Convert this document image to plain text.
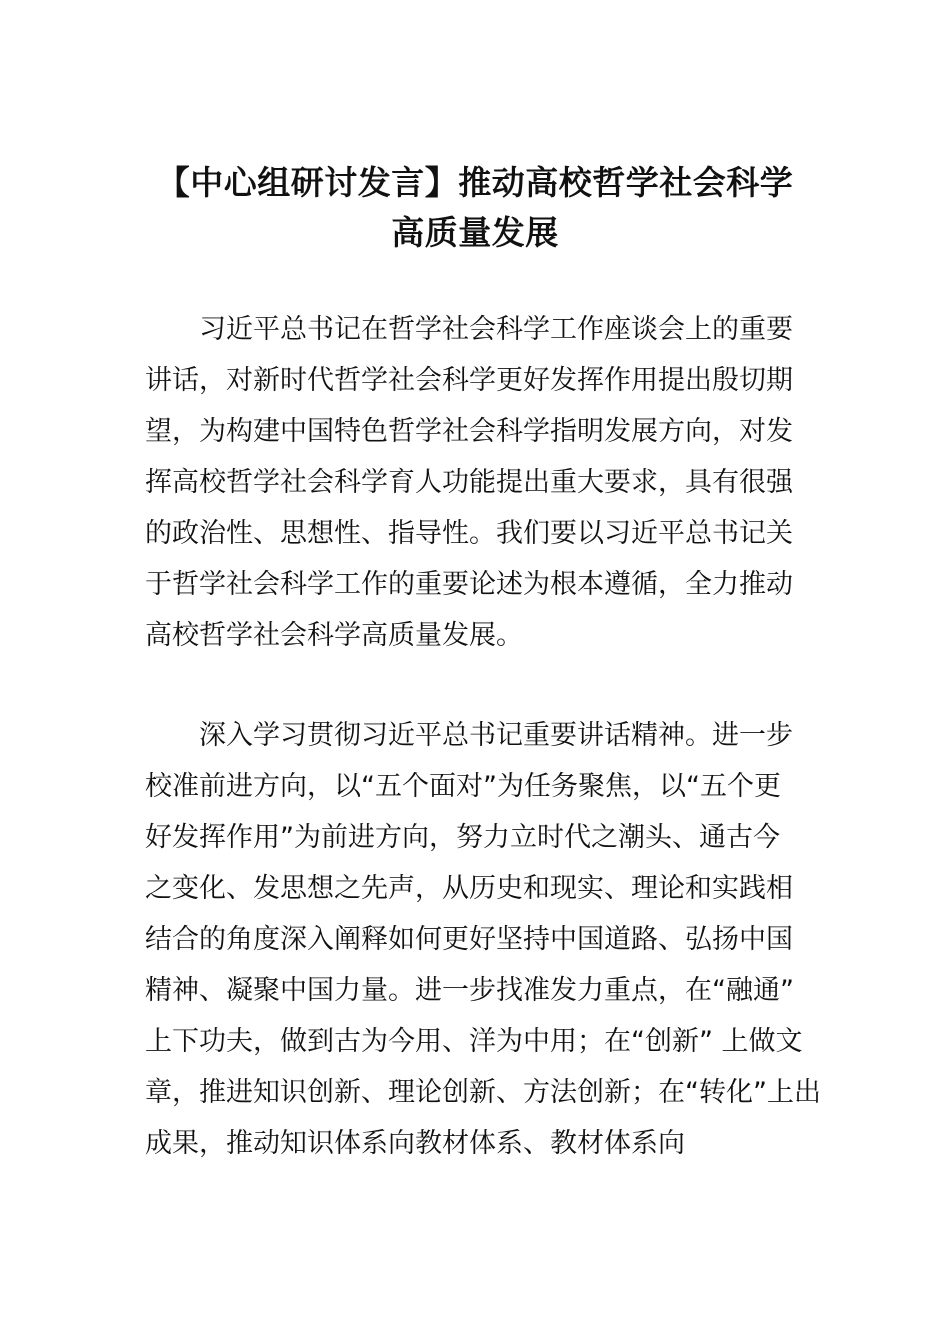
【中心组研讨发言】推动高校哲学社会科学
高质量发展
习近平总书记在哲学社会科学工作座谈会上的重要
讲话，对新时代哲学社会科学更好发挥作用提出殷切期
望，为构建中国特色哲学社会科学指明发展方向，对发
挥高校哲学社会科学育人功能提出重大要求，具有很强
的政治性、思想性、指导性。我们要以习近平总书记关
于哲学社会科学工作的重要论述为根本遵循，全力推动
高校哲学社会科学高质量发展。
深入学习贯彻习近平总书记重要讲话精神。进一步
校准前进方向，以“五个面对”为任务聚焦，以“五个更
好发挥作用”为前进方向，努力立时代之潮头、通古今
之变化、发思想之先声，从历史和现实、理论和实践相
结合的角度深入阐释如何更好坚持中国道路、弘扬中国
精神、凝聚中国力量。进一步找准发力重点，在“融通”
上下功夫，做到古为今用、洋为中用；在“创新” 上做文
章，推进知识创新、理论创新、方法创新；在“转化”上出
成果，推动知识体系向教材体系、教材体系向
